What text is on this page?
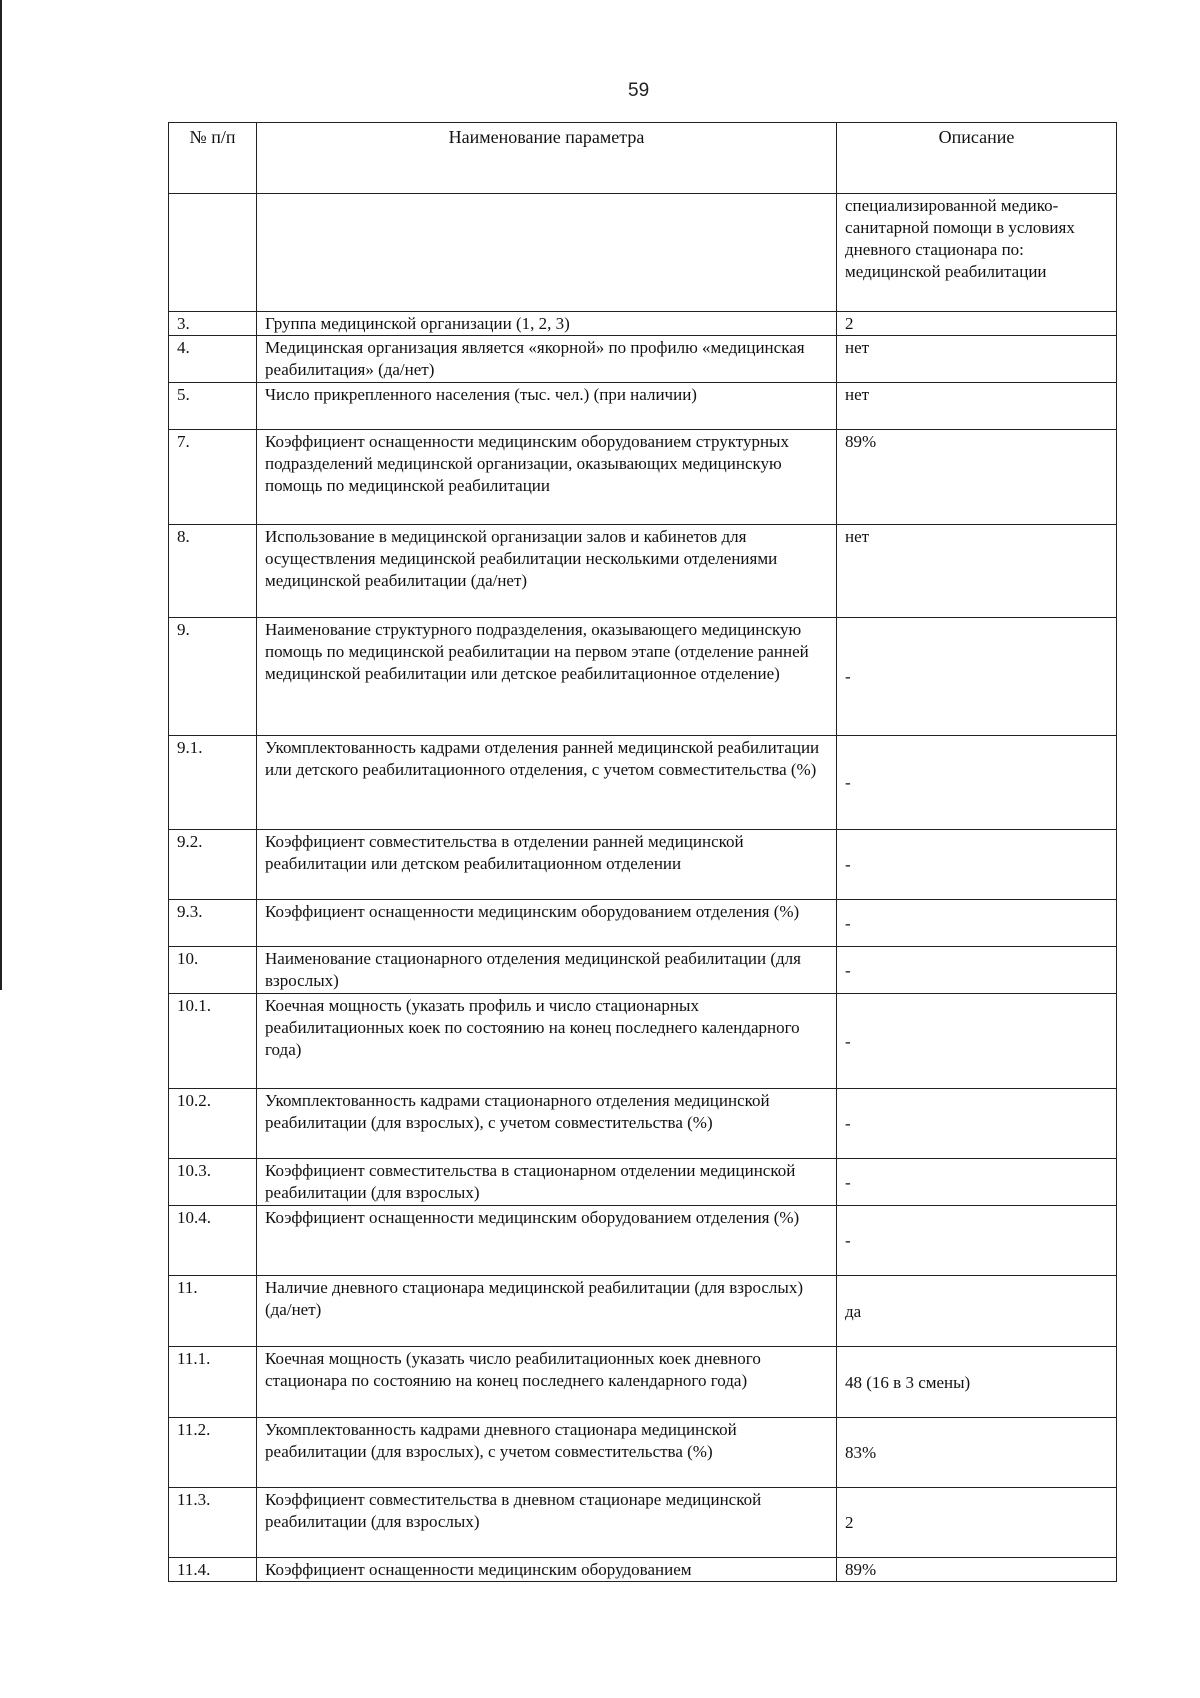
59
№ п/п	Наименование параметра	Описание
		специализированной медико-санитарной помощи в условиях дневного стационара по: медицинской реабилитации
3.	Группа медицинской организации (1, 2, 3)	2
4.	Медицинская организация является «якорной» по профилю «медицинская реабилитация» (да/нет)	нет
5.	Число прикрепленного населения (тыс. чел.) (при наличии)	нет
7.	Коэффициент оснащенности медицинским оборудованием структурных подразделений медицинской организации, оказывающих медицинскую помощь по медицинской реабилитации	89%
8.	Использование в медицинской организации залов и кабинетов для осуществления медицинской реабилитации несколькими отделениями медицинской реабилитации (да/нет)	нет
9.	Наименование структурного подразделения, оказывающего медицинскую помощь по медицинской реабилитации на первом этапе (отделение ранней медицинской реабилитации или детское реабилитационное отделение)	-
9.1.	Укомплектованность кадрами отделения ранней медицинской реабилитации или детского реабилитационного отделения, с учетом совместительства (%)	-
9.2.	Коэффициент совместительства в отделении ранней медицинской реабилитации или детском реабилитационном отделении	-
9.3.	Коэффициент оснащенности медицинским оборудованием отделения (%)	-
10.	Наименование стационарного отделения медицинской реабилитации (для взрослых)	-
10.1.	Коечная мощность (указать профиль и число стационарных реабилитационных коек по состоянию на конец последнего календарного года)	-
10.2.	Укомплектованность кадрами стационарного отделения медицинской реабилитации (для взрослых), с учетом совместительства (%)	-
10.3.	Коэффициент совместительства в стационарном отделении медицинской реабилитации (для взрослых)	-
10.4.	Коэффициент оснащенности медицинским оборудованием отделения (%)	-
11.	Наличие дневного стационара медицинской реабилитации (для взрослых) (да/нет)	да
11.1.	Коечная мощность (указать число реабилитационных коек дневного стационара по состоянию на конец последнего календарного года)	48 (16 в 3 смены)
11.2.	Укомплектованность кадрами дневного стационара медицинской реабилитации (для взрослых), с учетом совместительства (%)	83%
11.3.	Коэффициент совместительства в дневном стационаре медицинской реабилитации (для взрослых)	2
11.4.	Коэффициент оснащенности медицинским оборудованием	89%
